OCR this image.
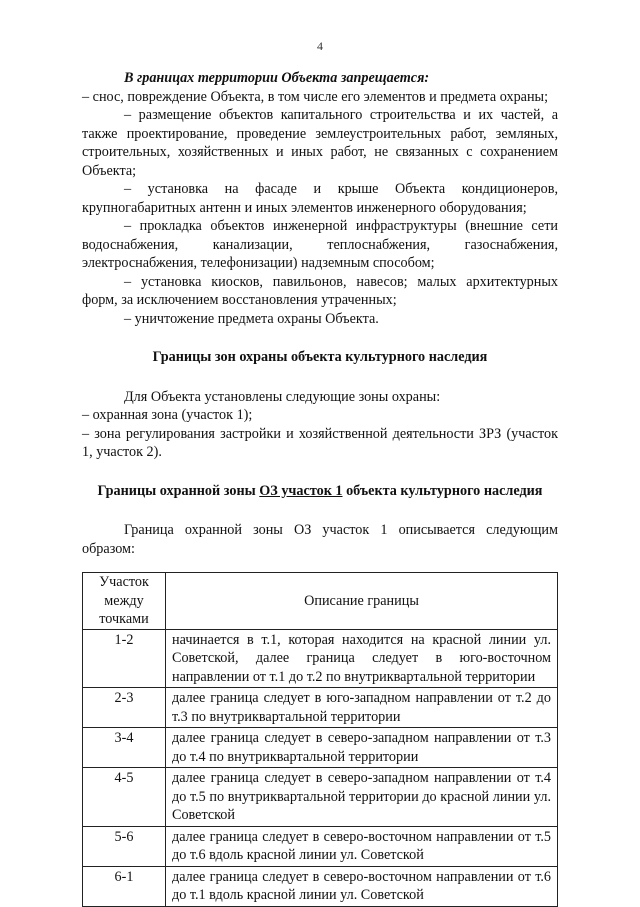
4

В границах территории Объекта запрещается:

– снос, повреждение Объекта, в том числе его элементов и предмета охраны;

– размещение объектов капитального строительства и их частей, а также проектирование, проведение землеустроительных работ, земляных, строительных, хозяйственных и иных работ, не связанных с сохранением Объекта;

– установка на фасаде и крыше Объекта кондиционеров, крупногабаритных антенн и иных элементов инженерного оборудования;

– прокладка объектов инженерной инфраструктуры (внешние сети водоснабжения, канализации, теплоснабжения, газоснабжения, электроснабжения, телефонизации) надземным способом;

– установка киосков, павильонов, навесов; малых архитектурных форм, за исключением восстановления утраченных;

– уничтожение предмета охраны Объекта.

Границы зон охраны объекта культурного наследия

Для Объекта установлены следующие зоны охраны:

– охранная зона (участок 1);

– зона регулирования застройки и хозяйственной деятельности ЗРЗ (участок 1, участок 2).

Границы охранной зоны ОЗ участок 1 объекта культурного наследия

Граница охранной зоны ОЗ участок 1 описывается следующим образом:

Участок между точками	Описание границы
1-2	начинается в т.1, которая находится на красной линии ул. Советской, далее граница следует в юго-восточном направлении от т.1 до т.2 по внутриквартальной территории
2-3	далее граница следует в юго-западном направлении от т.2 до т.3 по внутриквартальной территории
3-4	далее граница следует в северо-западном направлении от т.3 до т.4 по внутриквартальной территории
4-5	далее граница следует в северо-западном направлении от т.4 до т.5 по внутриквартальной территории до красной линии ул. Советской
5-6	далее граница следует в северо-восточном направлении от т.5 до т.6 вдоль красной линии ул. Советской
6-1	далее граница следует в северо-восточном направлении от т.6 до т.1 вдоль красной линии ул. Советской
